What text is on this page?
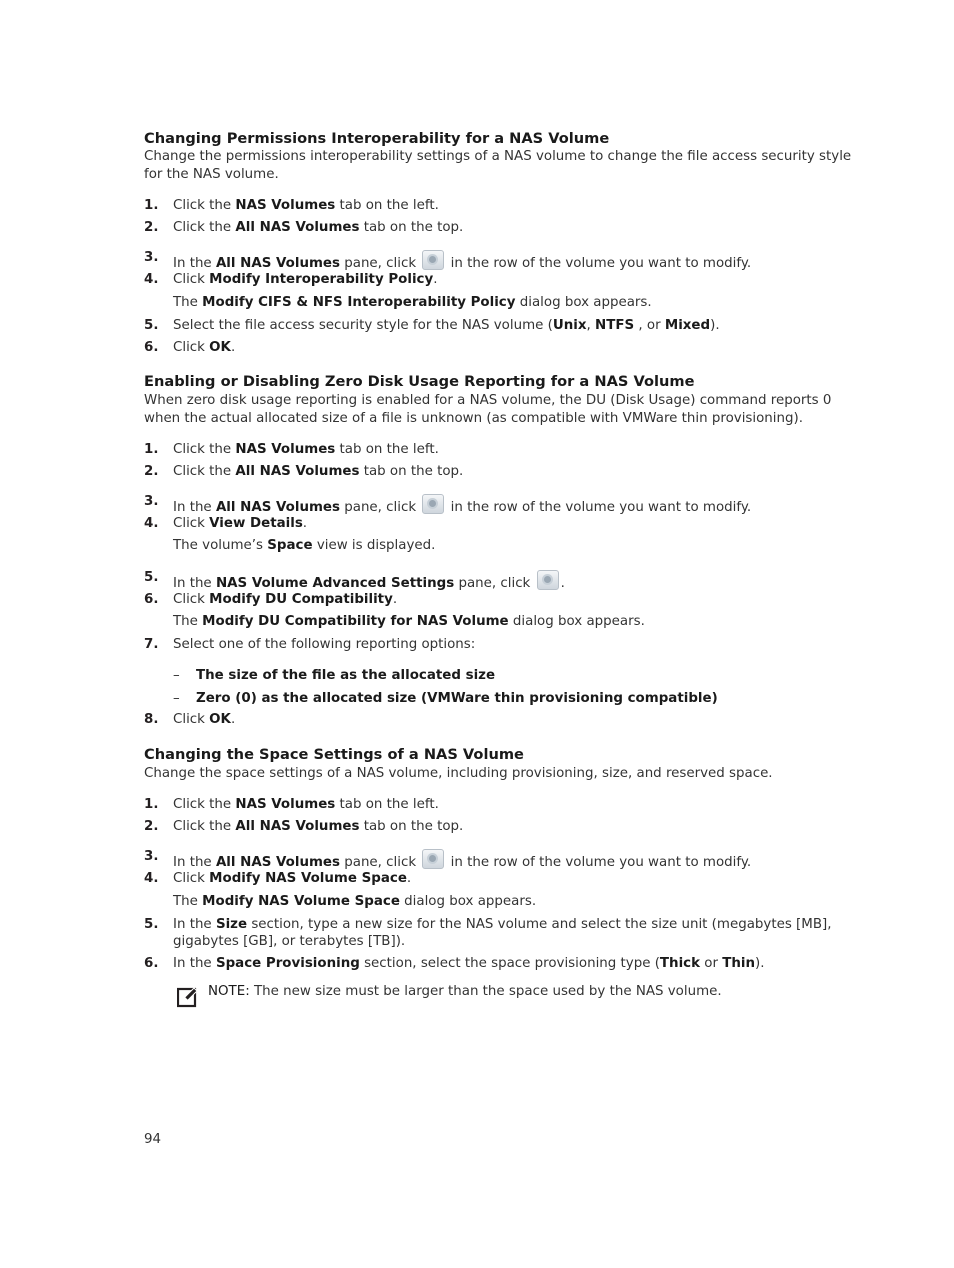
Changing Permissions Interoperability for a NAS Volume
Change the permissions interoperability settings of a NAS volume to change the file access security style
for the NAS volume.
1. Click the NAS Volumes tab on the left.
2. Click the All NAS Volumes tab on the top.
3. In the All NAS Volumes pane, click  in the row of the volume you want to modify.
4. Click Modify Interoperability Policy.
The Modify CIFS & NFS Interoperability Policy dialog box appears.
5. Select the file access security style for the NAS volume (Unix, NTFS , or Mixed).
6. Click OK.
Enabling or Disabling Zero Disk Usage Reporting for a NAS Volume
When zero disk usage reporting is enabled for a NAS volume, the DU (Disk Usage) command reports 0
when the actual allocated size of a file is unknown (as compatible with VMWare thin provisioning).
1. Click the NAS Volumes tab on the left.
2. Click the All NAS Volumes tab on the top.
3. In the All NAS Volumes pane, click  in the row of the volume you want to modify.
4. Click View Details.
The volume’s Space view is displayed.
5. In the NAS Volume Advanced Settings pane, click .
6. Click Modify DU Compatibility.
The Modify DU Compatibility for NAS Volume dialog box appears.
7. Select one of the following reporting options:
– The size of the file as the allocated size
– Zero (0) as the allocated size (VMWare thin provisioning compatible)
8. Click OK.
Changing the Space Settings of a NAS Volume
Change the space settings of a NAS volume, including provisioning, size, and reserved space.
1. Click the NAS Volumes tab on the left.
2. Click the All NAS Volumes tab on the top.
3. In the All NAS Volumes pane, click  in the row of the volume you want to modify.
4. Click Modify NAS Volume Space.
The Modify NAS Volume Space dialog box appears.
5. In the Size section, type a new size for the NAS volume and select the size unit (megabytes [MB],
gigabytes [GB], or terabytes [TB]).
6. In the Space Provisioning section, select the space provisioning type (Thick or Thin).
NOTE: The new size must be larger than the space used by the NAS volume.
94
